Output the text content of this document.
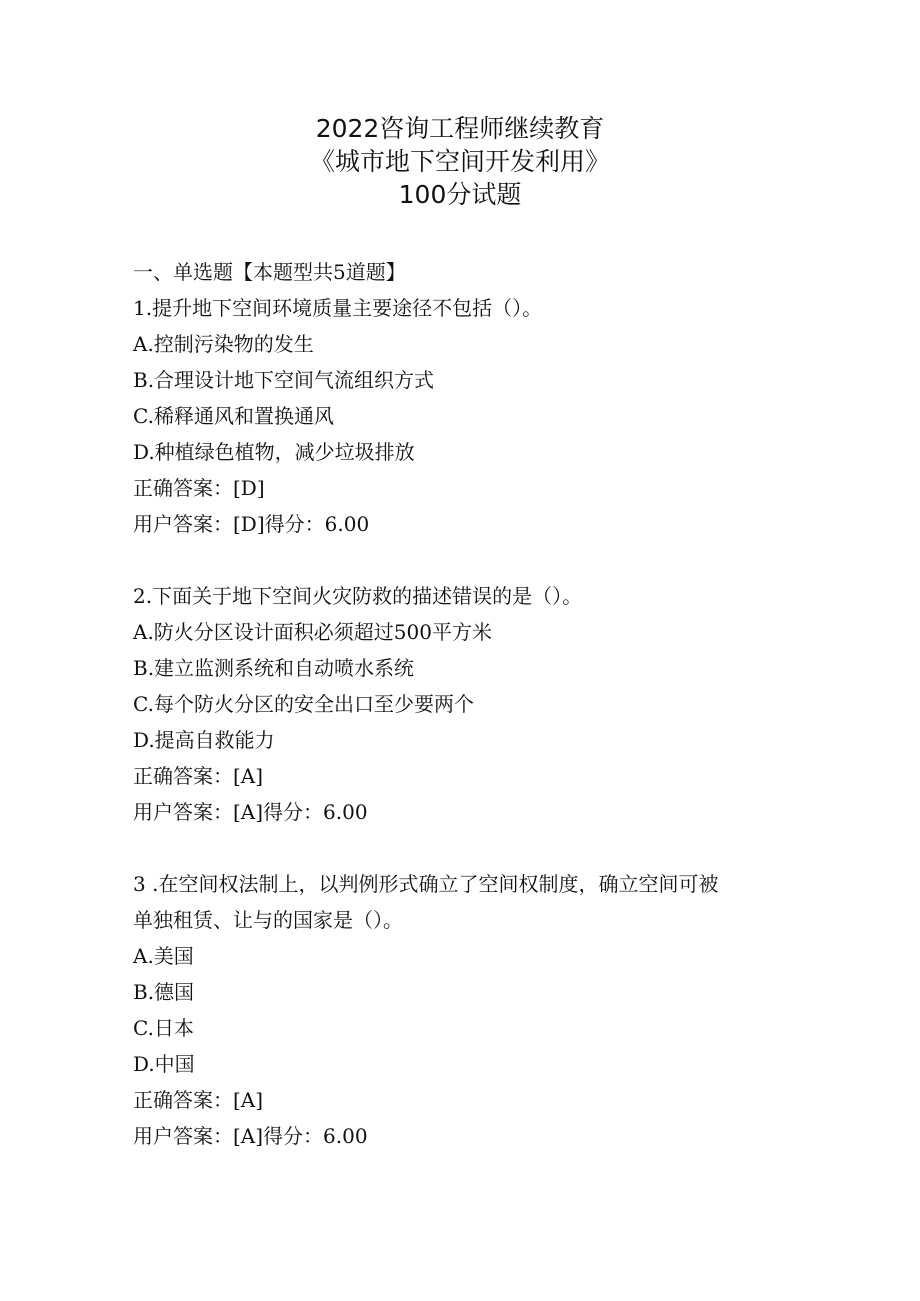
2022咨询工程师继续教育
《城市地下空间开发利用》
100分试题
一、单选题【本题型共5道题】
1.提升地下空间环境质量主要途径不包括（）。
A.控制污染物的发生
B.合理设计地下空间气流组织方式
C.稀释通风和置换通风
D.种植绿色植物，减少垃圾排放
正确答案：[D]
用户答案：[D]得分：6.00
2.下面关于地下空间火灾防救的描述错误的是（）。
A.防火分区设计面积必须超过500平方米
B.建立监测系统和自动喷水系统
C.每个防火分区的安全出口至少要两个
D.提高自救能力
正确答案：[A]
用户答案：[A]得分：6.00
3 .在空间权法制上，以判例形式确立了空间权制度，确立空间可被
单独租赁、让与的国家是（）。
A.美国
B.德国
C.日本
D.中国
正确答案：[A]
用户答案：[A]得分：6.00
